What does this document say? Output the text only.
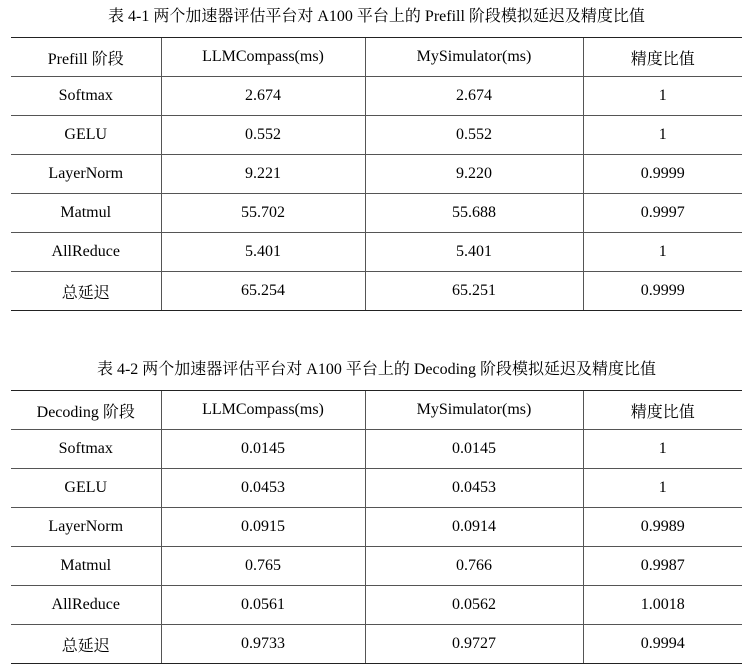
表 4-1 两个加速器评估平台对 A100 平台上的 Prefill 阶段模拟延迟及精度比值
Prefill 阶段	LLMCompass(ms)	MySimulator(ms)	精度比值
Softmax	2.674	2.674	1
GELU	0.552	0.552	1
LayerNorm	9.221	9.220	0.9999
Matmul	55.702	55.688	0.9997
AllReduce	5.401	5.401	1
总延迟	65.254	65.251	0.9999
表 4-2 两个加速器评估平台对 A100 平台上的 Decoding 阶段模拟延迟及精度比值
Decoding 阶段	LLMCompass(ms)	MySimulator(ms)	精度比值
Softmax	0.0145	0.0145	1
GELU	0.0453	0.0453	1
LayerNorm	0.0915	0.0914	0.9989
Matmul	0.765	0.766	0.9987
AllReduce	0.0561	0.0562	1.0018
总延迟	0.9733	0.9727	0.9994
